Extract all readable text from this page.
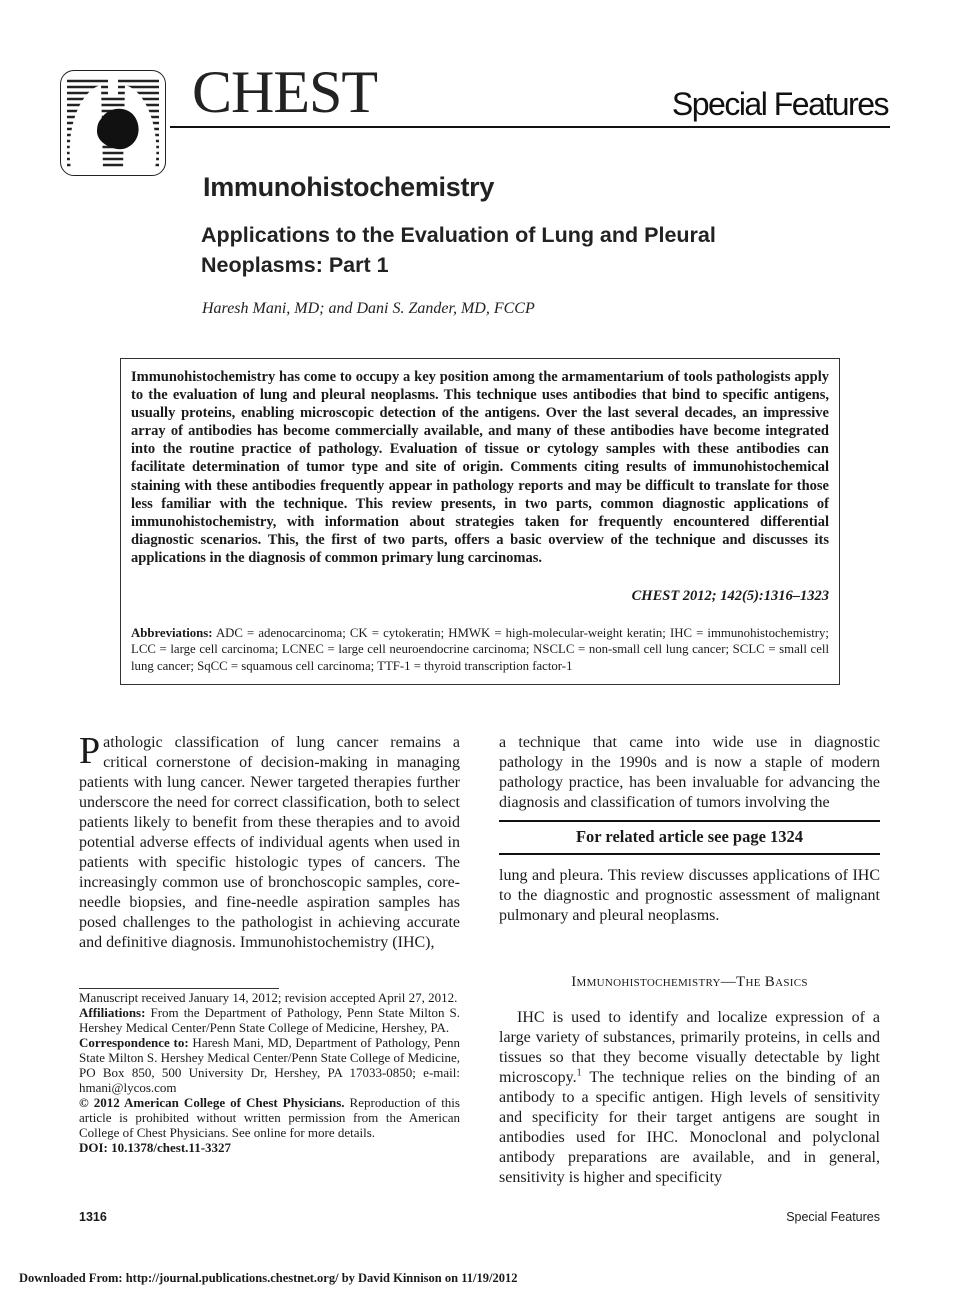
CHEST	Special Features
Immunohistochemistry
Applications to the Evaluation of Lung and Pleural Neoplasms: Part 1
Haresh Mani, MD; and Dani S. Zander, MD, FCCP
Immunohistochemistry has come to occupy a key position among the armamentarium of tools pathologists apply to the evaluation of lung and pleural neoplasms. This technique uses antibodies that bind to specific antigens, usually proteins, enabling microscopic detection of the antigens. Over the last several decades, an impressive array of antibodies has become commercially available, and many of these antibodies have become integrated into the routine practice of pathology. Evaluation of tissue or cytology samples with these antibodies can facilitate determination of tumor type and site of origin. Comments citing results of immunohistochemical staining with these antibodies frequently appear in pathology reports and may be difficult to translate for those less familiar with the technique. This review presents, in two parts, common diagnostic applications of immunohistochemistry, with information about strategies taken for frequently encountered differential diagnostic scenarios. This, the first of two parts, offers a basic overview of the technique and discusses its applications in the diagnosis of common primary lung carcinomas.
CHEST 2012; 142(5):1316–1323
Abbreviations: ADC = adenocarcinoma; CK = cytokeratin; HMWK = high-molecular-weight keratin; IHC = immunohistochemistry; LCC = large cell carcinoma; LCNEC = large cell neuroendocrine carcinoma; NSCLC = non-small cell lung cancer; SCLC = small cell lung cancer; SqCC = squamous cell carcinoma; TTF-1 = thyroid transcription factor-1
Pathologic classification of lung cancer remains a critical cornerstone of decision-making in managing patients with lung cancer. Newer targeted therapies further underscore the need for correct classification, both to select patients likely to benefit from these therapies and to avoid potential adverse effects of individual agents when used in patients with specific histologic types of cancers. The increasingly common use of bronchoscopic samples, core-needle biopsies, and fine-needle aspiration samples has posed challenges to the pathologist in achieving accurate and definitive diagnosis. Immunohistochemistry (IHC),
a technique that came into wide use in diagnostic pathology in the 1990s and is now a staple of modern pathology practice, has been invaluable for advancing the diagnosis and classification of tumors involving the
For related article see page 1324
lung and pleura. This review discusses applications of IHC to the diagnostic and prognostic assessment of malignant pulmonary and pleural neoplasms.
Immunohistochemistry—The Basics
IHC is used to identify and localize expression of a large variety of substances, primarily proteins, in cells and tissues so that they become visually detectable by light microscopy.$^1$ The technique relies on the binding of an antibody to a specific antigen. High levels of sensitivity and specificity for their target antigens are sought in antibodies used for IHC. Monoclonal and polyclonal antibody preparations are available, and in general, sensitivity is higher and specificity

Manuscript received January 14, 2012; revision accepted April 27, 2012.

Affiliations: From the Department of Pathology, Penn State Milton S. Hershey Medical Center/Penn State College of Medicine, Hershey, PA.

Correspondence to: Haresh Mani, MD, Department of Pathology, Penn State Milton S. Hershey Medical Center/Penn State College of Medicine, PO Box 850, 500 University Dr, Hershey, PA 17033-0850; e-mail: hmani@lycos.com

© 2012 American College of Chest Physicians. Reproduction of this article is prohibited without written permission from the American College of Chest Physicians. See online for more details.

DOI: 10.1378/chest.11-3327

1316	Special Features
Downloaded From: http://journal.publications.chestnet.org/ by David Kinnison on 11/19/2012
